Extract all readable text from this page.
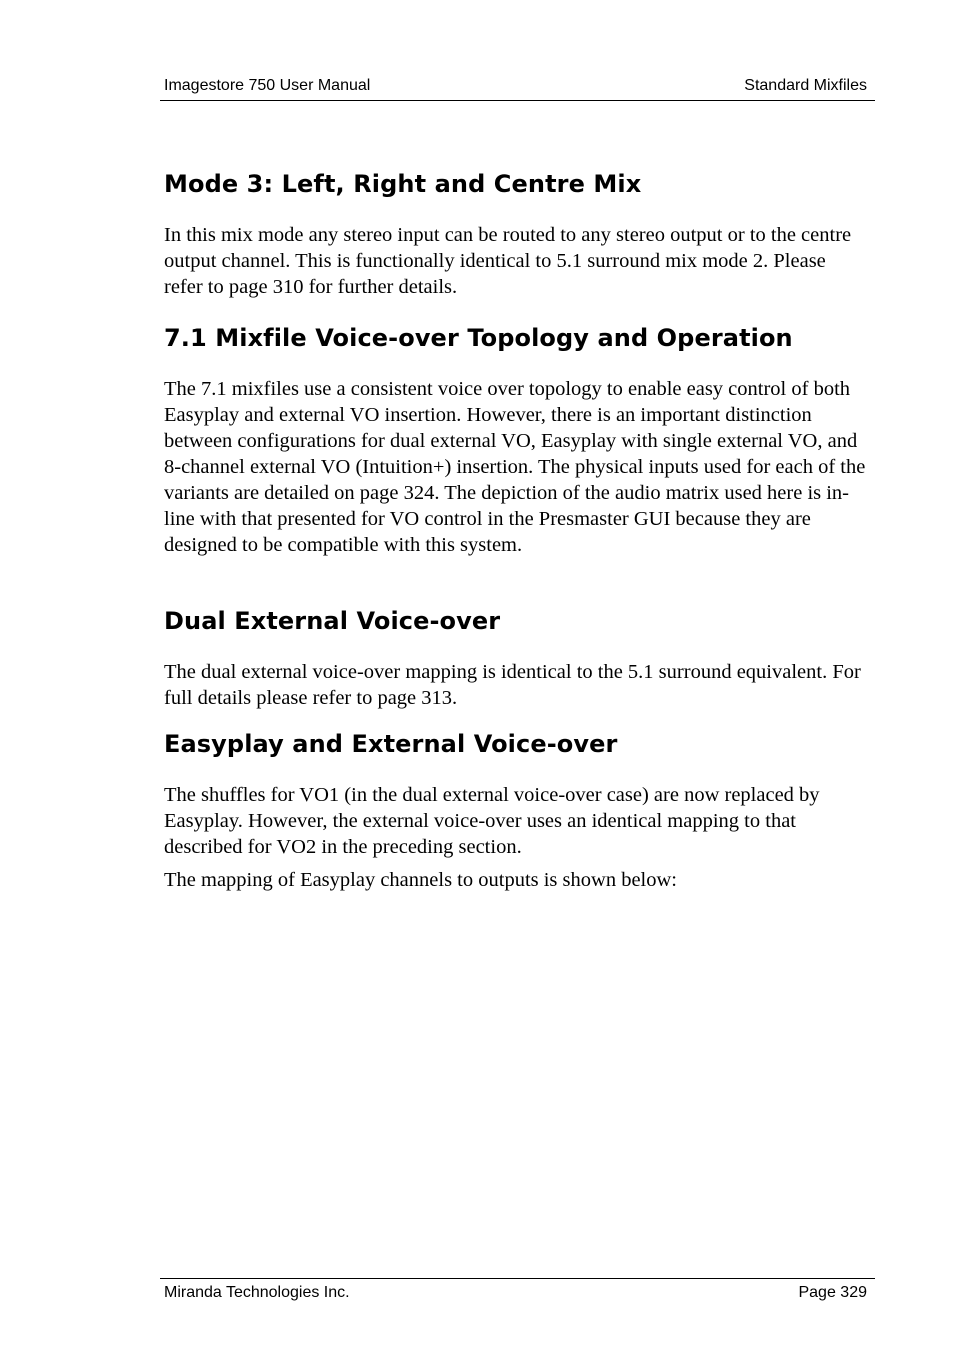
Imagestore 750 User Manual	Standard Mixfiles
Mode 3: Left, Right and Centre Mix

In this mix mode any stereo input can be routed to any stereo output or to the centre output channel. This is functionally identical to 5.1 surround mix mode 2. Please refer to page 310 for further details.

7.1 Mixfile Voice-over Topology and Operation

The 7.1 mixfiles use a consistent voice over topology to enable easy control of both Easyplay and external VO insertion. However, there is an important distinction between configurations for dual external VO, Easyplay with single external VO, and 8-channel external VO (Intuition+) insertion. The physical inputs used for each of the variants are detailed on page 324. The depiction of the audio matrix used here is in-line with that presented for VO control in the Presmaster GUI because they are designed to be compatible with this system.

Dual External Voice-over

The dual external voice-over mapping is identical to the 5.1 surround equivalent. For full details please refer to page 313.

Easyplay and External Voice-over

The shuffles for VO1 (in the dual external voice-over case) are now replaced by Easyplay. However, the external voice-over uses an identical mapping to that described for VO2 in the preceding section.

The mapping of Easyplay channels to outputs is shown below:

Miranda Technologies Inc.	Page 329
